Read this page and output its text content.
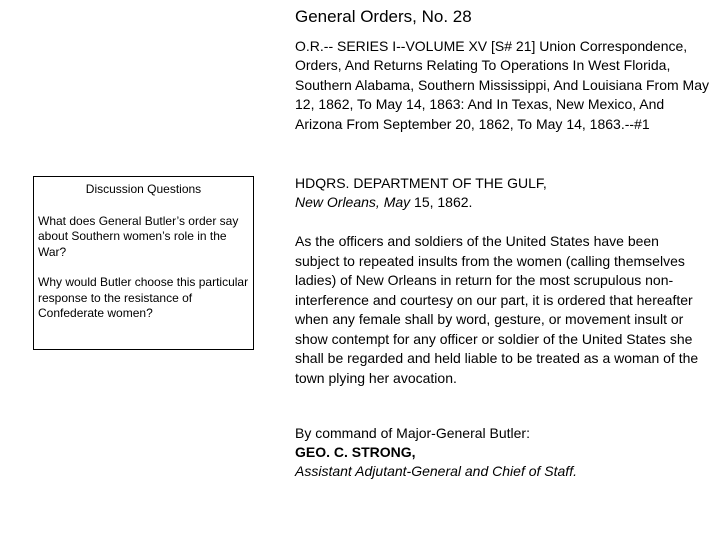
General Orders, No. 28

O.R.-- SERIES I--VOLUME XV [S# 21] Union Correspondence, Orders, And Returns Relating To Operations In West Florida, Southern Alabama, Southern Mississippi, And Louisiana From May 12, 1862, To May 14, 1863: And In Texas, New Mexico, And Arizona From September 20, 1862, To May 14, 1863.--#1

Discussion Questions

What does General Butler’s order say about Southern women’s role in the War?

Why would Butler choose this particular response to the resistance of Confederate women?

HDQRS. DEPARTMENT OF THE GULF,
New Orleans, May 15, 1862.

As the officers and soldiers of the United States have been subject to repeated insults from the women (calling themselves ladies) of New Orleans in return for the most scrupulous non-interference and courtesy on our part, it is ordered that hereafter when any female shall by word, gesture, or movement insult or show contempt for any officer or soldier of the United States she shall be regarded and held liable to be treated as a woman of the town plying her avocation.

By command of Major-General Butler:
GEO. C. STRONG,
Assistant Adjutant-General and Chief of Staff.
